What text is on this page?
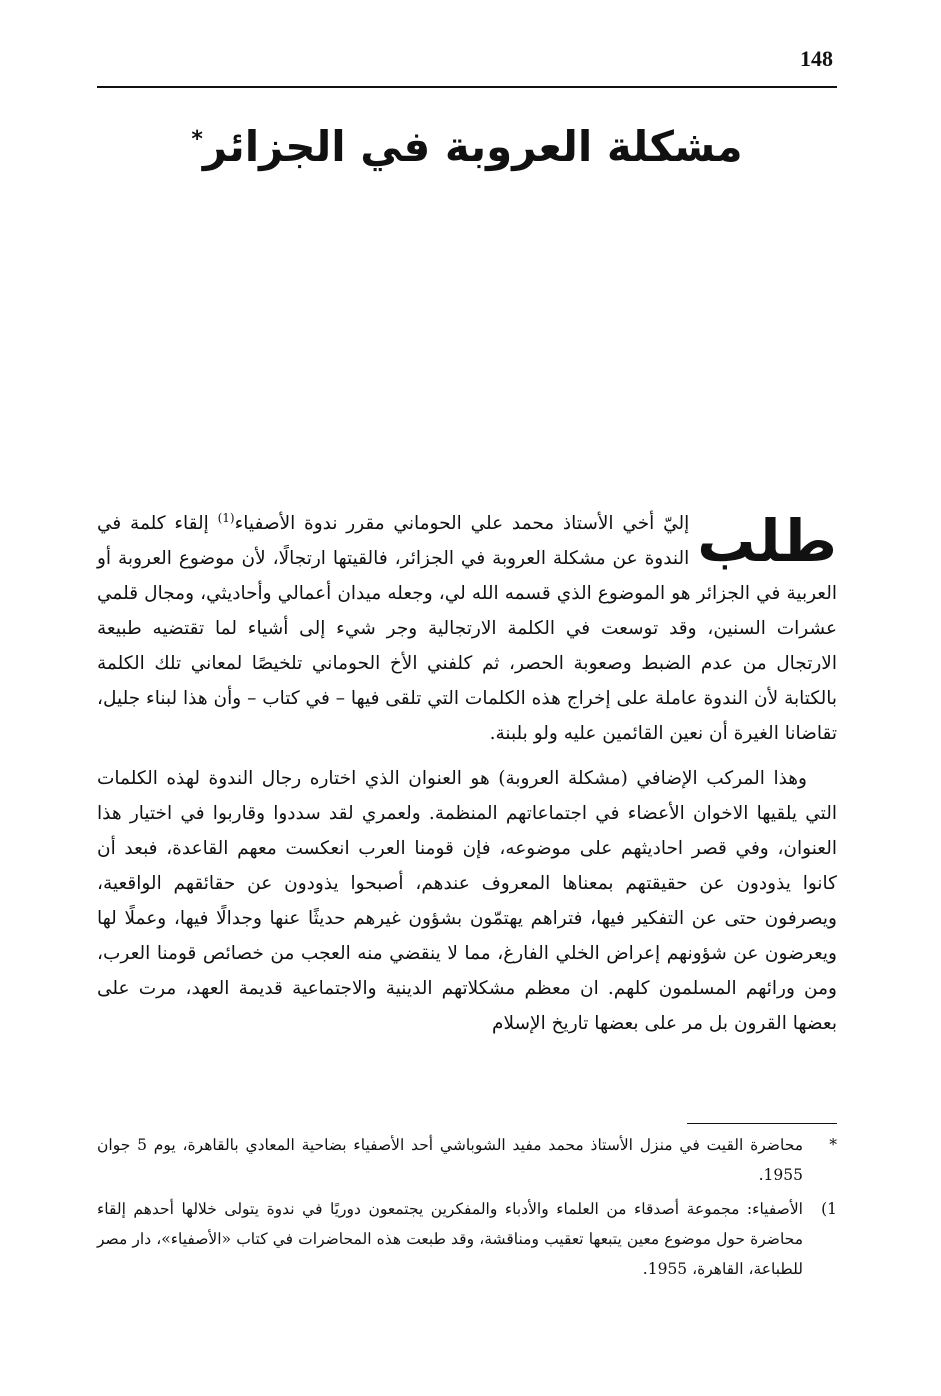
148
مشكلة العروبة في الجزائر*

طلب
إليّ أخي الأستاذ محمد علي الحوماني مقرر ندوة الأصفياء$^{(1)}$ إلقاء كلمة في الندوة عن مشكلة العروبة في الجزائر، فالقيتها ارتجالًا، لأن موضوع العروبة أو العربية في الجزائر هو الموضوع الذي قسمه الله لي، وجعله ميدان أعمالي وأحاديثي، ومجال قلمي عشرات السنين، وقد توسعت في الكلمة الارتجالية وجر شيء إلى أشياء لما تقتضيه طبيعة الارتجال من عدم الضبط وصعوبة الحصر، ثم كلفني الأخ الحوماني تلخيصًا لمعاني تلك الكلمة بالكتابة لأن الندوة عاملة على إخراج هذه الكلمات التي تلقى فيها – في كتاب – وأن هذا لبناء جليل، تقاضانا الغيرة أن نعين القائمين عليه ولو بلبنة.

وهذا المركب الإضافي (مشكلة العروبة) هو العنوان الذي اختاره رجال الندوة لهذه الكلمات التي يلقيها الاخوان الأعضاء في اجتماعاتهم المنظمة. ولعمري لقد سددوا وقاربوا في اختيار هذا العنوان، وفي قصر احاديثهم على موضوعه، فإن قومنا العرب انعكست معهم القاعدة، فبعد أن كانوا يذودون عن حقيقتهم بمعناها المعروف عندهم، أصبحوا يذودون عن حقائقهم الواقعية، ويصرفون حتى عن التفكير فيها، فتراهم يهتمّون بشؤون غيرهم حديثًا عنها وجدالًا فيها، وعملًا لها ويعرضون عن شؤونهم إعراض الخلي الفارغ، مما لا ينقضي منه العجب من خصائص قومنا العرب، ومن ورائهم المسلمون كلهم. ان معظم مشكلاتهم الدينية والاجتماعية قديمة العهد، مرت على بعضها القرون بل مر على بعضها تاريخ الإسلام

*
محاضرة القيت في منزل الأستاذ محمد مفيد الشوباشي أحد الأصفياء بضاحية المعادي بالقاهرة، يوم 5 جوان 1955.
1)
الأصفياء: مجموعة أصدقاء من العلماء والأدباء والمفكرين يجتمعون دوريًا في ندوة يتولى خلالها أحدهم إلقاء محاضرة حول موضوع معين يتبعها تعقيب ومناقشة، وقد طبعت هذه المحاضرات في كتاب «الأصفياء»، دار مصر للطباعة، القاهرة، 1955.
